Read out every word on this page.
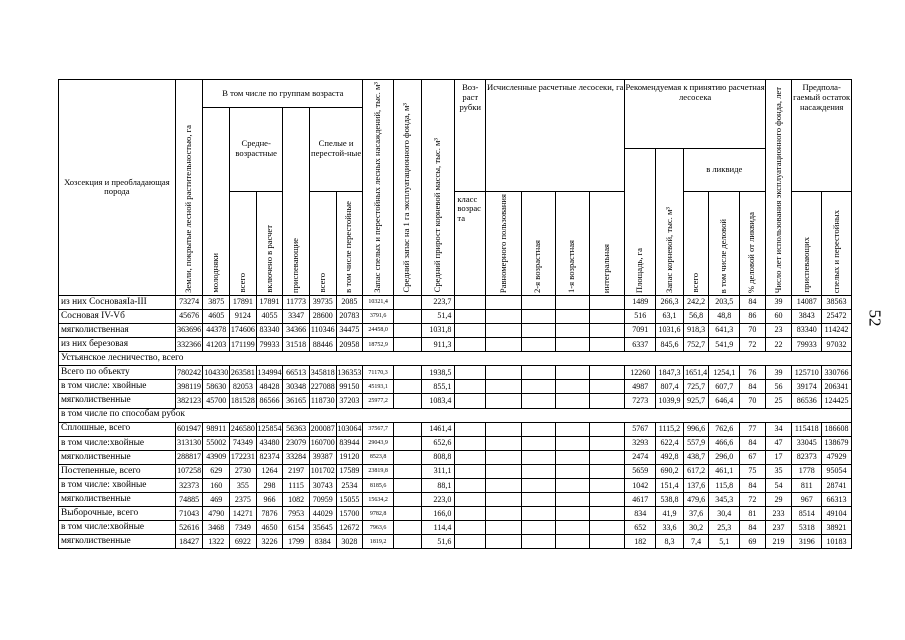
52
Хозсекция и преобладающая порода	Земли, покрытые лесной растительностью, га	В том числе по группам возраста						Запас спелых и перестойных лесных насаждений, тыс. м³	Средний запас на 1 га эксплуатационного фонда, м³	Средний прирост корневой массы, тыс. м³	Воз-раст рубки	Исчисленные расчетные лесосеки, га				Рекомендуемая к принятию расчетная лесосека					Число лет использования эксплуатационного фонда, лет	Предпола-гаемый остаток насаждения	

		молодняки	Средне-возрастные		приспевающие	Спелые и перестой-ные																	

																Площадь, га	Запас корневой, тыс. м³	в ликвиде					

			всего	включено в расчет		всего	в том числе перестойные				класс возрас та	Равномерного пользования	2-я возрастная	1-я возрастная	интегральная			всего	в том числе деловой	% деловой от ликвида		приспевающих	спелых и перестойных

из них СосноваяIa-III	73274	3875	17891	17891	11773	39735	2085	10321,4		223,7						1489	266,3	242,2	203,5	84	39	14087	38563
Сосновая IV-Vб	45676	4605	9124	4055	3347	28600	20783	3791,6		51,4						516	63,1	56,8	48,8	86	60	3843	25472
мягколиственная	363696	44378	174606	83340	34366	110346	34475	24458,0		1031,8						7091	1031,6	918,3	641,3	70	23	83340	114242
из них березовая	332366	41203	171199	79933	31518	88446	20958	18752,9		911,3						6337	845,6	752,7	541,9	72	22	79933	97032
Устьянское лесничество, всего																							
Всего по объекту	780242	104330	263581	134994	66513	345818	136353	71170,3		1938,5						12260	1847,3	1651,4	1254,1	76	39	125710	330766
в том числе: хвойные	398119	58630	82053	48428	30348	227088	99150	45193,1		855,1						4987	807,4	725,7	607,7	84	56	39174	206341
мягколиственные	382123	45700	181528	86566	36165	118730	37203	25977,2		1083,4						7273	1039,9	925,7	646,4	70	25	86536	124425
в том числе по способам рубок																							
Сплошные, всего	601947	98911	246580	125854	56363	200087	103064	37567,7		1461,4						5767	1115,2	996,6	762,6	77	34	115418	186608
в том числе:хвойные	313130	55002	74349	43480	23079	160700	83944	29043,9		652,6						3293	622,4	557,9	466,6	84	47	33045	138679
мягколиственные	288817	43909	172231	82374	33284	39387	19120	8523,8		808,8						2474	492,8	438,7	296,0	67	17	82373	47929
Постепенные, всего	107258	629	2730	1264	2197	101702	17589	23819,8		311,1						5659	690,2	617,2	461,1	75	35	1778	95054
в том числе: хвойные	32373	160	355	298	1115	30743	2534	8185,6		88,1						1042	151,4	137,6	115,8	84	54	811	28741
мягколиственные	74885	469	2375	966	1082	70959	15055	15634,2		223,0						4617	538,8	479,6	345,3	72	29	967	66313
Выборочные, всего	71043	4790	14271	7876	7953	44029	15700	9782,8		166,0						834	41,9	37,6	30,4	81	233	8514	49104
в том числе:хвойные	52616	3468	7349	4650	6154	35645	12672	7963,6		114,4						652	33,6	30,2	25,3	84	237	5318	38921
мягколиственные	18427	1322	6922	3226	1799	8384	3028	1819,2		51,6						182	8,3	7,4	5,1	69	219	3196	10183
